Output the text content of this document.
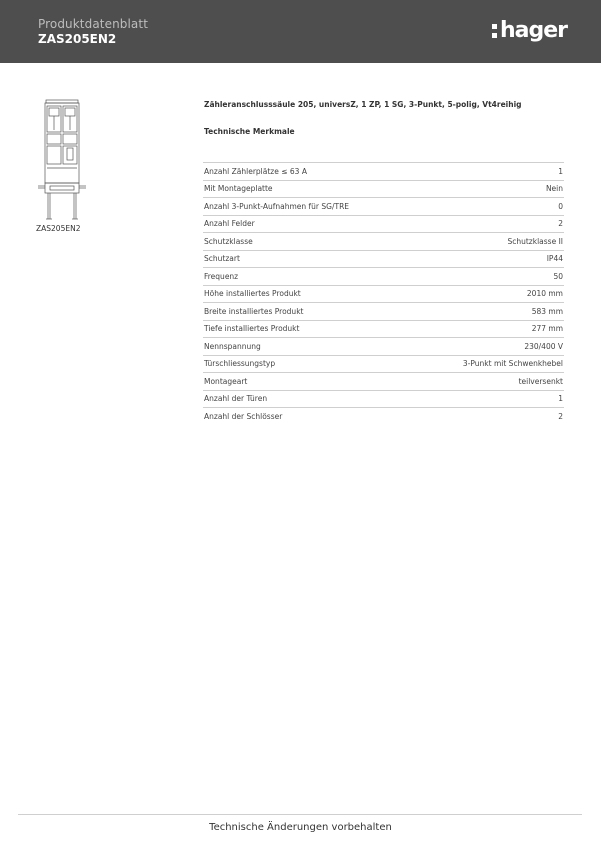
Produktdatenblatt
ZAS205EN2	hager
ZAS205EN2
Zähleranschlusssäule 205, universZ, 1 ZP, 1 SG, 3-Punkt, 5-polig, Vt4reihig
Technische Merkmale
Anzahl Zählerplätze ≤ 63 A	1
Mit Montageplatte	Nein
Anzahl 3-Punkt-Aufnahmen für SG/TRE	0
Anzahl Felder	2
Schutzklasse	Schutzklasse II
Schutzart	IP44
Frequenz	50
Höhe installiertes Produkt	2010 mm
Breite installiertes Produkt	583 mm
Tiefe installiertes Produkt	277 mm
Nennspannung	230/400 V
Türschliessungstyp	3-Punkt mit Schwenkhebel
Montageart	teilversenkt
Anzahl der Türen	1
Anzahl der Schlösser	2
Technische Änderungen vorbehalten
